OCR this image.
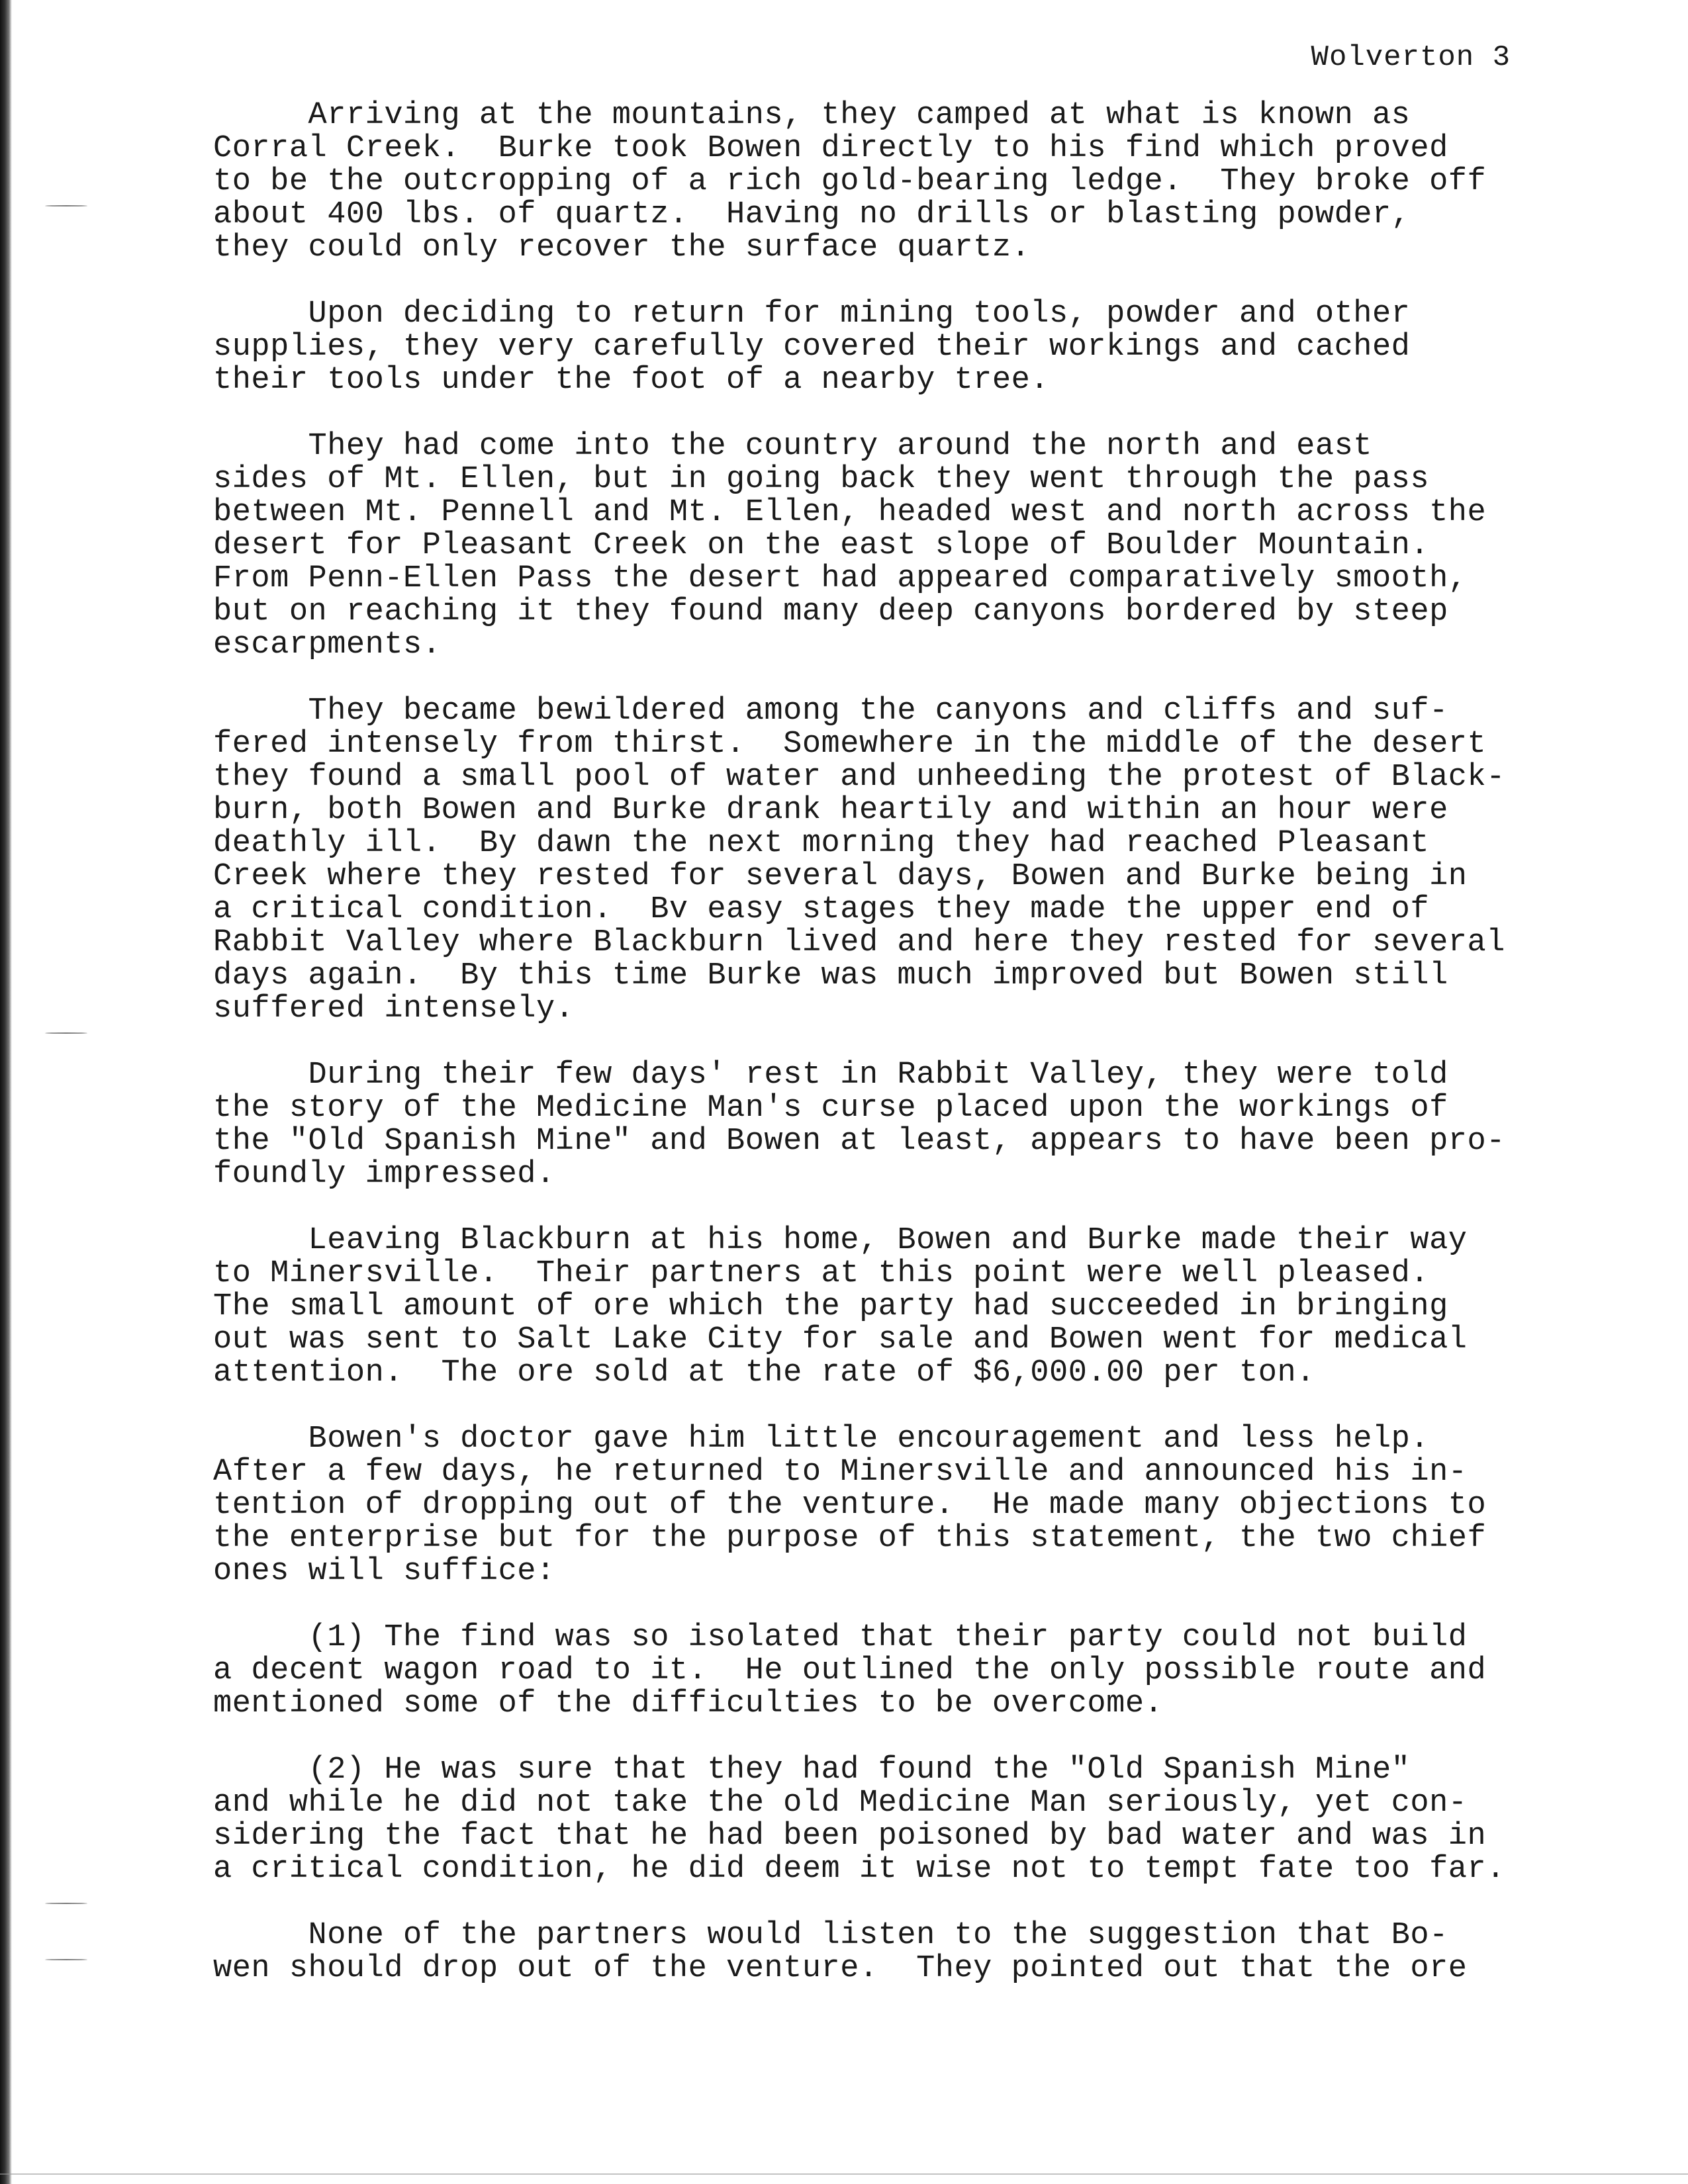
Wolverton 3

Arriving at the mountains, they camped at what is known as
Corral Creek.  Burke took Bowen directly to his find which proved
to be the outcropping of a rich gold-bearing ledge.  They broke off
about 400 lbs. of quartz.  Having no drills or blasting powder,
they could only recover the surface quartz.

Upon deciding to return for mining tools, powder and other
supplies, they very carefully covered their workings and cached
their tools under the foot of a nearby tree.

They had come into the country around the north and east
sides of Mt. Ellen, but in going back they went through the pass
between Mt. Pennell and Mt. Ellen, headed west and north across the
desert for Pleasant Creek on the east slope of Boulder Mountain.
From Penn-Ellen Pass the desert had appeared comparatively smooth,
but on reaching it they found many deep canyons bordered by steep
escarpments.

They became bewildered among the canyons and cliffs and suf-
fered intensely from thirst.  Somewhere in the middle of the desert
they found a small pool of water and unheeding the protest of Black-
burn, both Bowen and Burke drank heartily and within an hour were
deathly ill.  By dawn the next morning they had reached Pleasant
Creek where they rested for several days, Bowen and Burke being in
a critical condition.  Bv easy stages they made the upper end of
Rabbit Valley where Blackburn lived and here they rested for several
days again.  By this time Burke was much improved but Bowen still
suffered intensely.

During their few days' rest in Rabbit Valley, they were told
the story of the Medicine Man's curse placed upon the workings of
the "Old Spanish Mine" and Bowen at least, appears to have been pro-
foundly impressed.

Leaving Blackburn at his home, Bowen and Burke made their way
to Minersville.  Their partners at this point were well pleased.
The small amount of ore which the party had succeeded in bringing
out was sent to Salt Lake City for sale and Bowen went for medical
attention.  The ore sold at the rate of $6,000.00 per ton.

Bowen's doctor gave him little encouragement and less help.
After a few days, he returned to Minersville and announced his in-
tention of dropping out of the venture.  He made many objections to
the enterprise but for the purpose of this statement, the two chief
ones will suffice:

(1) The find was so isolated that their party could not build
a decent wagon road to it.  He outlined the only possible route and
mentioned some of the difficulties to be overcome.

(2) He was sure that they had found the "Old Spanish Mine"
and while he did not take the old Medicine Man seriously, yet con-
sidering the fact that he had been poisoned by bad water and was in
a critical condition, he did deem it wise not to tempt fate too far.

None of the partners would listen to the suggestion that Bo-
wen should drop out of the venture.  They pointed out that the ore
